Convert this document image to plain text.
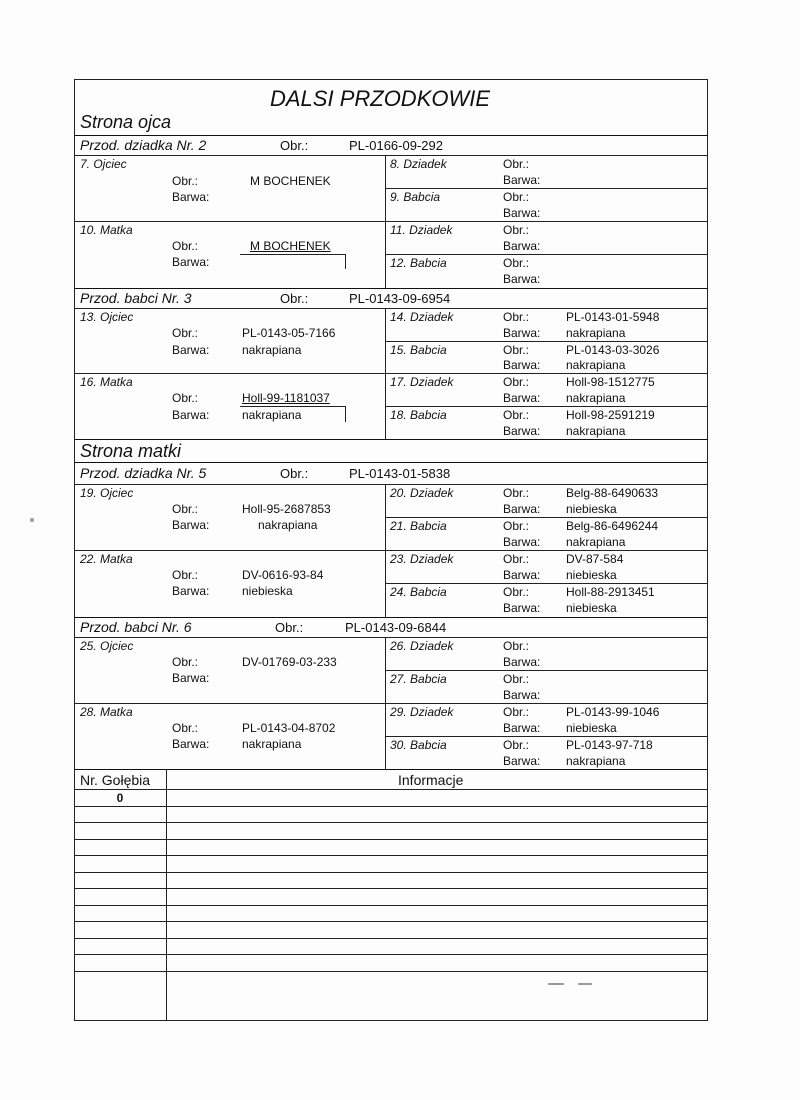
DALSI PRZODKOWIE
Strona ojca
Przod. dziadka Nr. 2	Obr.:	PL-0166-09-292
7. Ojciec
Obr.:	M BOCHENEK
Barwa:
8. Dziadek	Obr.:
Barwa:
9. Babcia	Obr.:
Barwa:
10. Matka
Obr.:	M BOCHENEK
Barwa:
11. Dziadek	Obr.:
Barwa:
12. Babcia	Obr.:
Barwa:
Przod. babci Nr. 3	Obr.:	PL-0143-09-6954
13. Ojciec
Obr.:	PL-0143-05-7166
Barwa:	nakrapiana
14. Dziadek	Obr.:	PL-0143-01-5948
Barwa: nakrapiana
15. Babcia	Obr.:	PL-0143-03-3026
Barwa: nakrapiana
16. Matka
Obr.:	Holl-99-1181037
Barwa:	nakrapiana
17. Dziadek	Obr.:	Holl-98-1512775
Barwa: nakrapiana
18. Babcia	Obr.:	Holl-98-2591219
Barwa: nakrapiana
Strona matki
Przod. dziadka Nr. 5	Obr.:	PL-0143-01-5838
19. Ojciec
Obr.:	Holl-95-2687853
Barwa:	nakrapiana
20. Dziadek	Obr.:	Belg-88-6490633
Barwa: niebieska
21. Babcia	Obr.:	Belg-86-6496244
Barwa: nakrapiana
22. Matka
Obr.:	DV-0616-93-84
Barwa:	niebieska
23. Dziadek	Obr.:	DV-87-584
Barwa: niebieska
24. Babcia	Obr.:	Holl-88-2913451
Barwa: niebieska
Przod. babci Nr. 6	Obr.:	PL-0143-09-6844
25. Ojciec
Obr.:	DV-01769-03-233
Barwa:
26. Dziadek	Obr.:
Barwa:
27. Babcia	Obr.:
Barwa:
28. Matka
Obr.:	PL-0143-04-8702
Barwa:	nakrapiana
29. Dziadek	Obr.:	PL-0143-99-1046
Barwa: niebieska
30. Babcia	Obr.:	PL-0143-97-718
Barwa: nakrapiana
Nr. Gołębia	Informacje
0
